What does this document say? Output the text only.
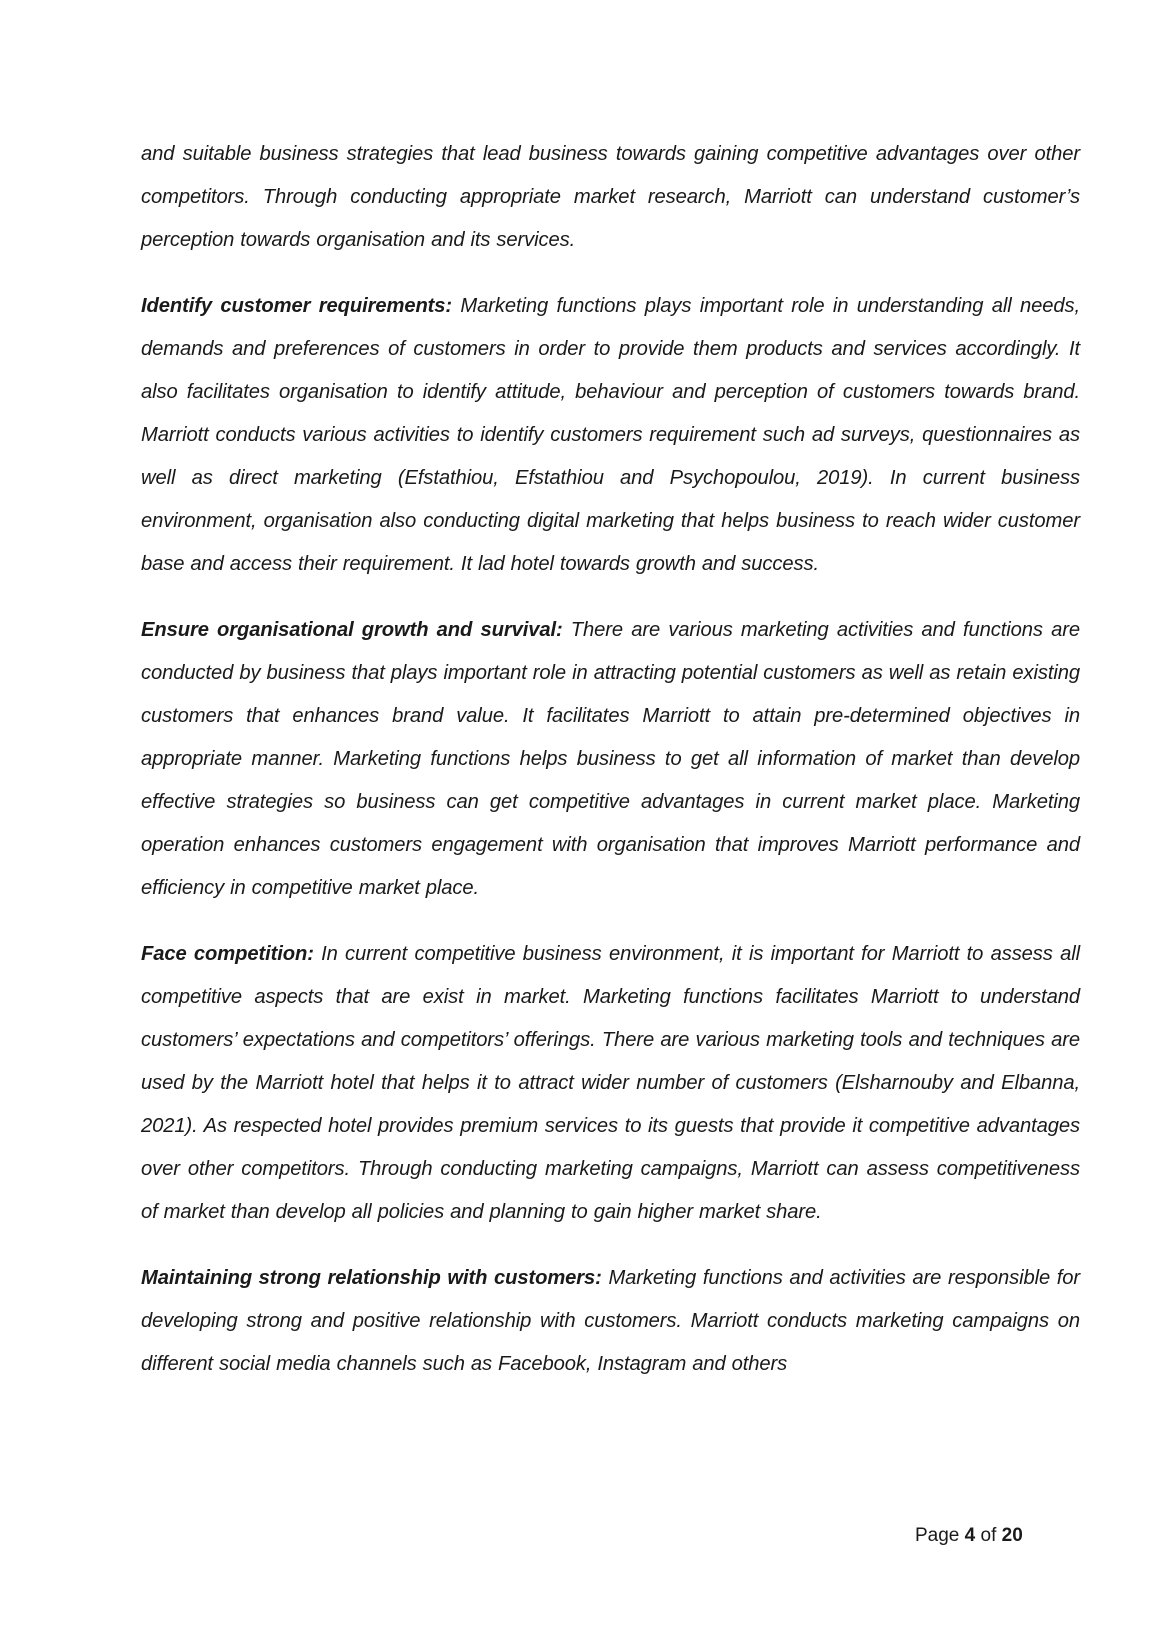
and suitable business strategies that lead business towards gaining competitive advantages over other competitors. Through conducting appropriate market research, Marriott can understand customer’s perception towards organisation and its services.

Identify customer requirements: Marketing functions plays important role in understanding all needs, demands and preferences of customers in order to provide them products and services accordingly. It also facilitates organisation to identify attitude, behaviour and perception of customers towards brand. Marriott conducts various activities to identify customers requirement such ad surveys, questionnaires as well as direct marketing (Efstathiou, Efstathiou and Psychopoulou, 2019). In current business environment, organisation also conducting digital marketing that helps business to reach wider customer base and access their requirement. It lad hotel towards growth and success.

Ensure organisational growth and survival: There are various marketing activities and functions are conducted by business that plays important role in attracting potential customers as well as retain existing customers that enhances brand value. It facilitates Marriott to attain pre-determined objectives in appropriate manner. Marketing functions helps business to get all information of market than develop effective strategies so business can get competitive advantages in current market place. Marketing operation enhances customers engagement with organisation that improves Marriott performance and efficiency in competitive market place.

Face competition: In current competitive business environment, it is important for Marriott to assess all competitive aspects that are exist in market. Marketing functions facilitates Marriott to understand customers’ expectations and competitors’ offerings. There are various marketing tools and techniques are used by the Marriott hotel that helps it to attract wider number of customers (Elsharnouby and Elbanna, 2021). As respected hotel provides premium services to its guests that provide it competitive advantages over other competitors. Through conducting marketing campaigns, Marriott can assess competitiveness of market than develop all policies and planning to gain higher market share.

Maintaining strong relationship with customers: Marketing functions and activities are responsible for developing strong and positive relationship with customers. Marriott conducts marketing campaigns on different social media channels such as Facebook, Instagram and others

Page 4 of 20
